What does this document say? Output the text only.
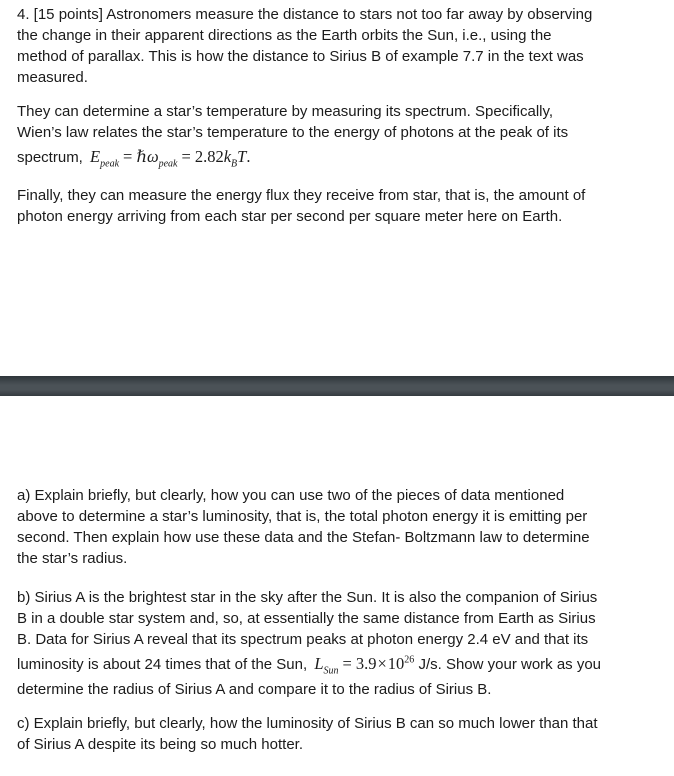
4. [15 points] Astronomers measure the distance to stars not too far away by observing
the change in their apparent directions as the Earth orbits the Sun, i.e., using the
method of parallax. This is how the distance to Sirius B of example 7.7 in the text was
measured.
They can determine a star’s temperature by measuring its spectrum. Specifically,
Wien’s law relates the star’s temperature to the energy of photons at the peak of its
spectrum, $E_{peak}$ = ℏω$_{peak}$ = $2.82k_BT$.
Finally, they can measure the energy flux they receive from star, that is, the amount of
photon energy arriving from each star per second per square meter here on Earth.
a) Explain briefly, but clearly, how you can use two of the pieces of data mentioned
above to determine a star’s luminosity, that is, the total photon energy it is emitting per
second. Then explain how use these data and the Stefan- Boltzmann law to determine
the star’s radius.
b) Sirius A is the brightest star in the sky after the Sun. It is also the companion of Sirius
B in a double star system and, so, at essentially the same distance from Earth as Sirius
B. Data for Sirius A reveal that its spectrum peaks at photon energy 2.4 eV and that its
luminosity is about 24 times that of the Sun, $L_{Sun} = 3.9\times 10^{26}$ J/s. Show your work as you
determine the radius of Sirius A and compare it to the radius of Sirius B.
c) Explain briefly, but clearly, how the luminosity of Sirius B can so much lower than that
of Sirius A despite its being so much hotter.
